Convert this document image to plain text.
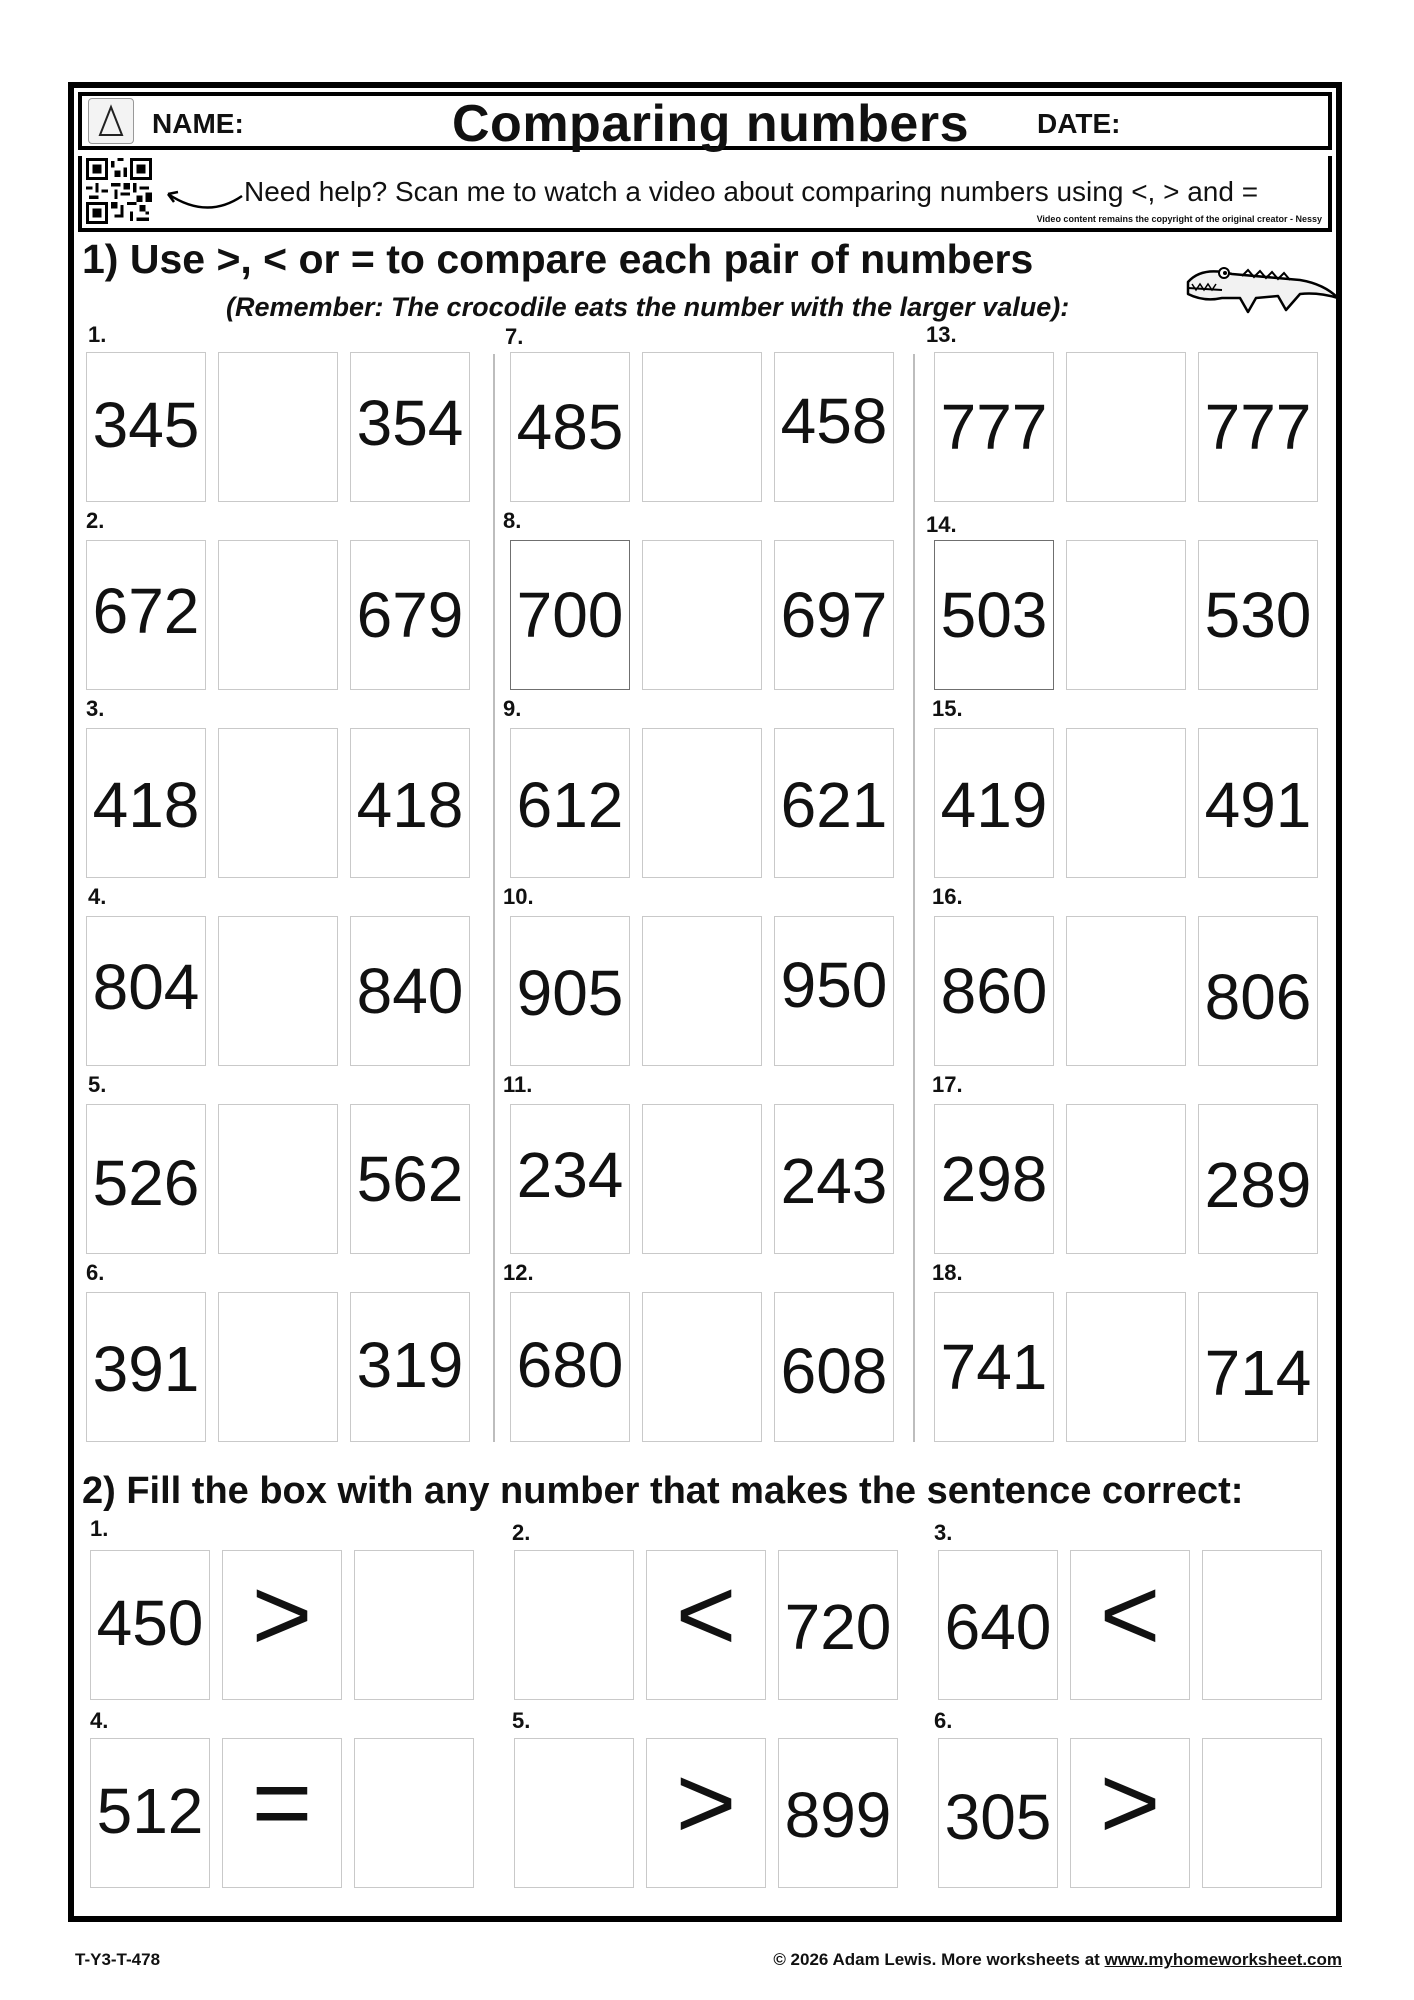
NAME:	Comparing numbers DATE:
Need help? Scan me to watch a video about comparing numbers using <, > and =
Video content remains the copyright of the original creator - Nessy
1) Use >, < or = to compare each pair of numbers
(Remember: The crocodile eats the number with the larger value):
1.
345 354
2.
672 679
3.
418 418
4.
804 840
5.
526 562
6.
391 319
7.
485 458
8.
700 697
9.
612 621
10.
905 950
11.
234 243
12.
680 608
13.
777 777
14.
503 530
15.
419 491
16.
860 806
17.
298 289
18.
741 714
2) Fill the box with any number that makes the sentence correct:
1.
450 >
2.
< 720
3.
640 <
4.
512 =
5.
> 899
6.
305 >
T-Y3-T-478	© 2026 Adam Lewis. More worksheets at www.myhomeworksheet.com
